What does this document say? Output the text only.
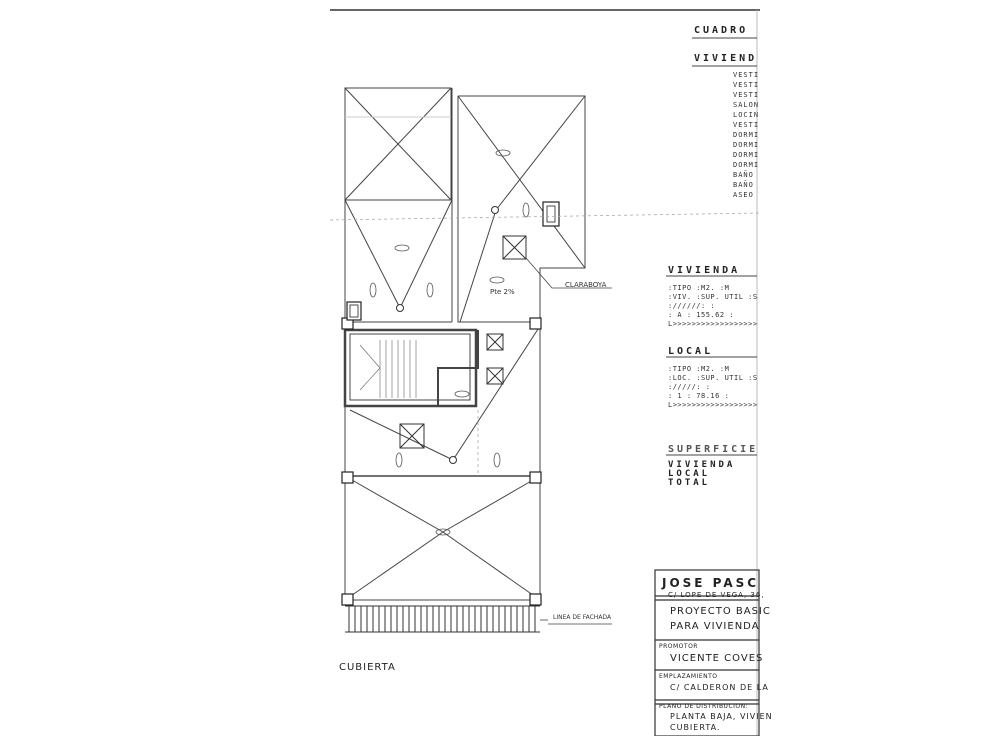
CUADRO
VIVIEND
VESTI
VESTI
VESTI
SALON
LOCIN
VESTI
DORMI
DORMI
DORMI
DORMI
BAÑO
BAÑO
ASEO
VIVIENDA
:TIPO :M2. :M
:VIV. :SUP. UTIL :S
://////: :
: A : 155.62 :
L>>>>>>>>>>>>>>>>>>
LOCAL
:TIPO :M2. :M
:LOC. :SUP. UTIL :S
://///: :
: 1 : 78.16 :
L>>>>>>>>>>>>>>>>>>
SUPERFICIE
VIVIENDA
LOCAL
TOTAL
CLARABOYA
Pte 2%
LINEA DE FACHADA
CUBIERTA
JOSE PASC
C/ LOPE DE VEGA, 36,
PROYECTO BASIC
PARA VIVIENDA
PROMOTOR
VICENTE COVES
EMPLAZAMIENTO
C/ CALDERON DE LA
PLANO DE DISTRIBUCION:
PLANTA BAJA, VIVIEN
CUBIERTA.
